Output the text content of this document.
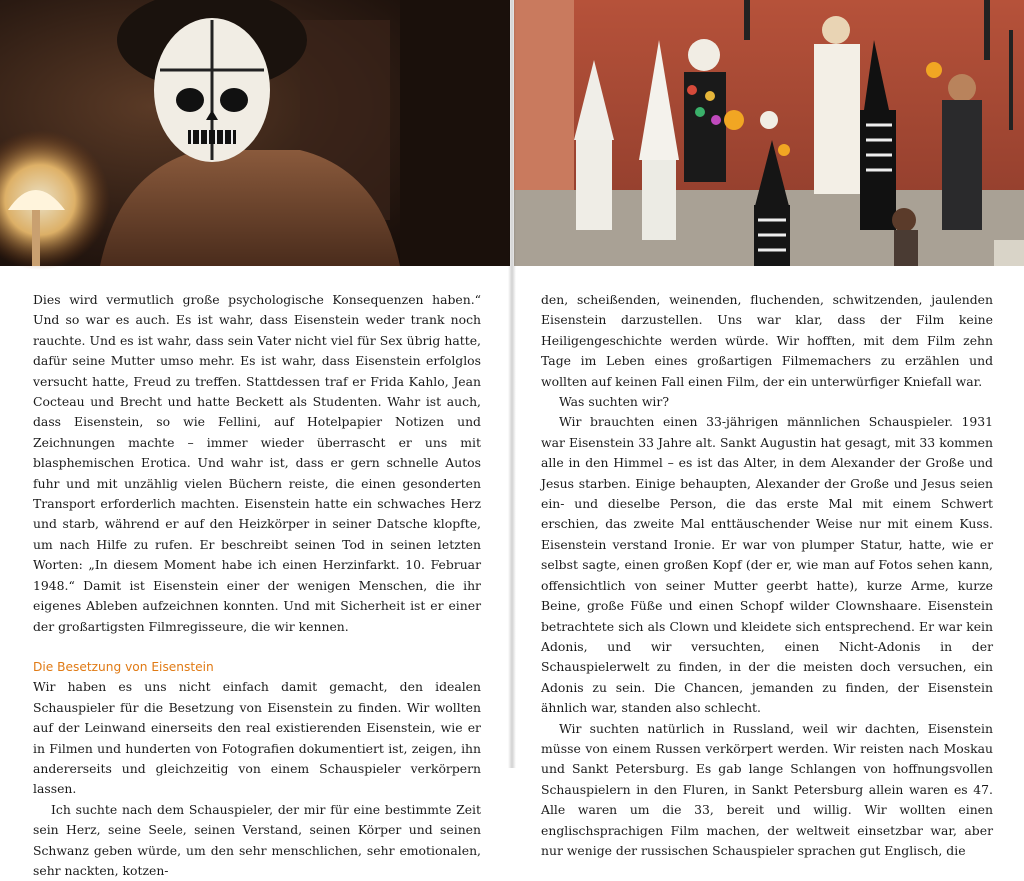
Dies wird vermutlich große psychologische Konsequenzen haben.“ Und so war es auch. Es ist wahr, dass Eisenstein weder trank noch rauchte. Und es ist wahr, dass sein Vater nicht viel für Sex übrig hatte, dafür seine Mutter umso mehr. Es ist wahr, dass Eisenstein erfolglos versucht hatte, Freud zu treffen. Stattdessen traf er Frida Kahlo, Jean Cocteau und Brecht und hatte Beckett als Studenten. Wahr ist auch, dass Eisenstein, so wie Fellini, auf Hotelpapier Notizen und Zeichnungen machte – immer wieder überrascht er uns mit blasphemischen Erotica. Und wahr ist, dass er gern schnelle Autos fuhr und mit unzählig vielen Büchern reiste, die einen gesonderten Transport erforderlich machten. Eisenstein hatte ein schwaches Herz und starb, während er auf den Heizkörper in seiner Datsche klopfte, um nach Hilfe zu rufen. Er beschreibt seinen Tod in seinen letzten Worten: „In diesem Moment habe ich einen Herzinfarkt. 10. Februar 1948.“ Damit ist Eisenstein einer der wenigen Menschen, die ihr eigenes Ableben aufzeichnen konnten. Und mit Sicherheit ist er einer der großartigsten Filmregisseure, die wir kennen.

Die Besetzung von Eisenstein

Wir haben es uns nicht einfach damit gemacht, den idealen Schauspieler für die Besetzung von Eisenstein zu finden. Wir wollten auf der Leinwand einerseits den real existierenden Eisenstein, wie er in Filmen und hunderten von Fotografien dokumentiert ist, zeigen, ihn andererseits und gleichzeitig von einem Schauspieler verkörpern lassen.

Ich suchte nach dem Schauspieler, der mir für eine bestimmte Zeit sein Herz, seine Seele, seinen Verstand, seinen Körper und seinen Schwanz geben würde, um den sehr menschlichen, sehr emotionalen, sehr nackten, kotzen-

den, scheißenden, weinenden, fluchenden, schwitzenden, jaulenden Eisenstein darzustellen. Uns war klar, dass der Film keine Heiligengeschichte werden würde. Wir hofften, mit dem Film zehn Tage im Leben eines großartigen Filmemachers zu erzählen und wollten auf keinen Fall einen Film, der ein unterwürfiger Kniefall war.

Was suchten wir?

Wir brauchten einen 33-jährigen männlichen Schauspieler. 1931 war Eisenstein 33 Jahre alt. Sankt Augustin hat gesagt, mit 33 kommen alle in den Himmel – es ist das Alter, in dem Alexander der Große und Jesus starben. Einige behaupten, Alexander der Große und Jesus seien ein- und dieselbe Person, die das erste Mal mit einem Schwert erschien, das zweite Mal enttäuschender Weise nur mit einem Kuss. Eisenstein verstand Ironie. Er war von plumper Statur, hatte, wie er selbst sagte, einen großen Kopf (der er, wie man auf Fotos sehen kann, offensichtlich von seiner Mutter geerbt hatte), kurze Arme, kurze Beine, große Füße und einen Schopf wilder Clownshaare. Eisenstein betrachtete sich als Clown und kleidete sich entsprechend. Er war kein Adonis, und wir versuchten, einen Nicht-Adonis in der Schauspielerwelt zu finden, in der die meisten doch versuchen, ein Adonis zu sein. Die Chancen, jemanden zu finden, der Eisenstein ähnlich war, standen also schlecht.

Wir suchten natürlich in Russland, weil wir dachten, Eisenstein müsse von einem Russen verkörpert werden. Wir reisten nach Moskau und Sankt Petersburg. Es gab lange Schlangen von hoffnungsvollen Schauspielern in den Fluren, in Sankt Petersburg allein waren es 47. Alle waren um die 33, bereit und willig. Wir wollten einen englischsprachigen Film machen, der weltweit einsetzbar war, aber nur wenige der russischen Schauspieler sprachen gut Englisch, die
